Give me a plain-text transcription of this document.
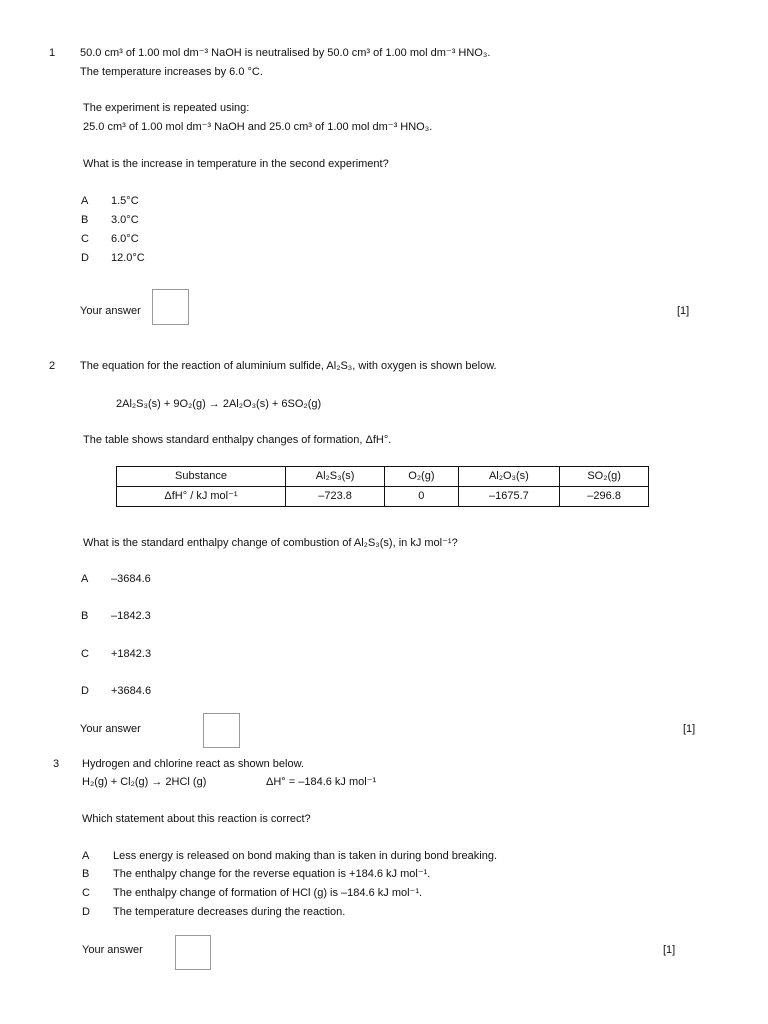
1 50.0 cm³ of 1.00 mol dm⁻³ NaOH is neutralised by 50.0 cm³ of 1.00 mol dm⁻³ HNO₃.
The temperature increases by 6.0 °C.
The experiment is repeated using:
25.0 cm³ of 1.00 mol dm⁻³ NaOH and 25.0 cm³ of 1.00 mol dm⁻³ HNO₃.
What is the increase in temperature in the second experiment?
A 1.5°C
B 3.0°C
C 6.0°C
D 12.0°C
Your answer	[1]
2 The equation for the reaction of aluminium sulfide, Al₂S₃, with oxygen is shown below.
2Al₂S₃(s) + 9O₂(g) → 2Al₂O₃(s) + 6SO₂(g)
The table shows standard enthalpy changes of formation, ΔfH°.
Substance	Al₂S₃(s)	O₂(g)	Al₂O₃(s)	SO₂(g)
ΔfH° / kJ mol⁻¹	–723.8	0	–1675.7	–296.8
What is the standard enthalpy change of combustion of Al₂S₃(s), in kJ mol⁻¹?
A –3684.6
B –1842.3
C +1842.3
D +3684.6
Your answer	[1]
3 Hydrogen and chlorine react as shown below.
H₂(g) + Cl₂(g) → 2HCl (g)	ΔH° = –184.6 kJ mol⁻¹
Which statement about this reaction is correct?
A Less energy is released on bond making than is taken in during bond breaking.
B The enthalpy change for the reverse equation is +184.6 kJ mol⁻¹.
C The enthalpy change of formation of HCl (g) is –184.6 kJ mol⁻¹.
D The temperature decreases during the reaction.
Your answer	[1]
